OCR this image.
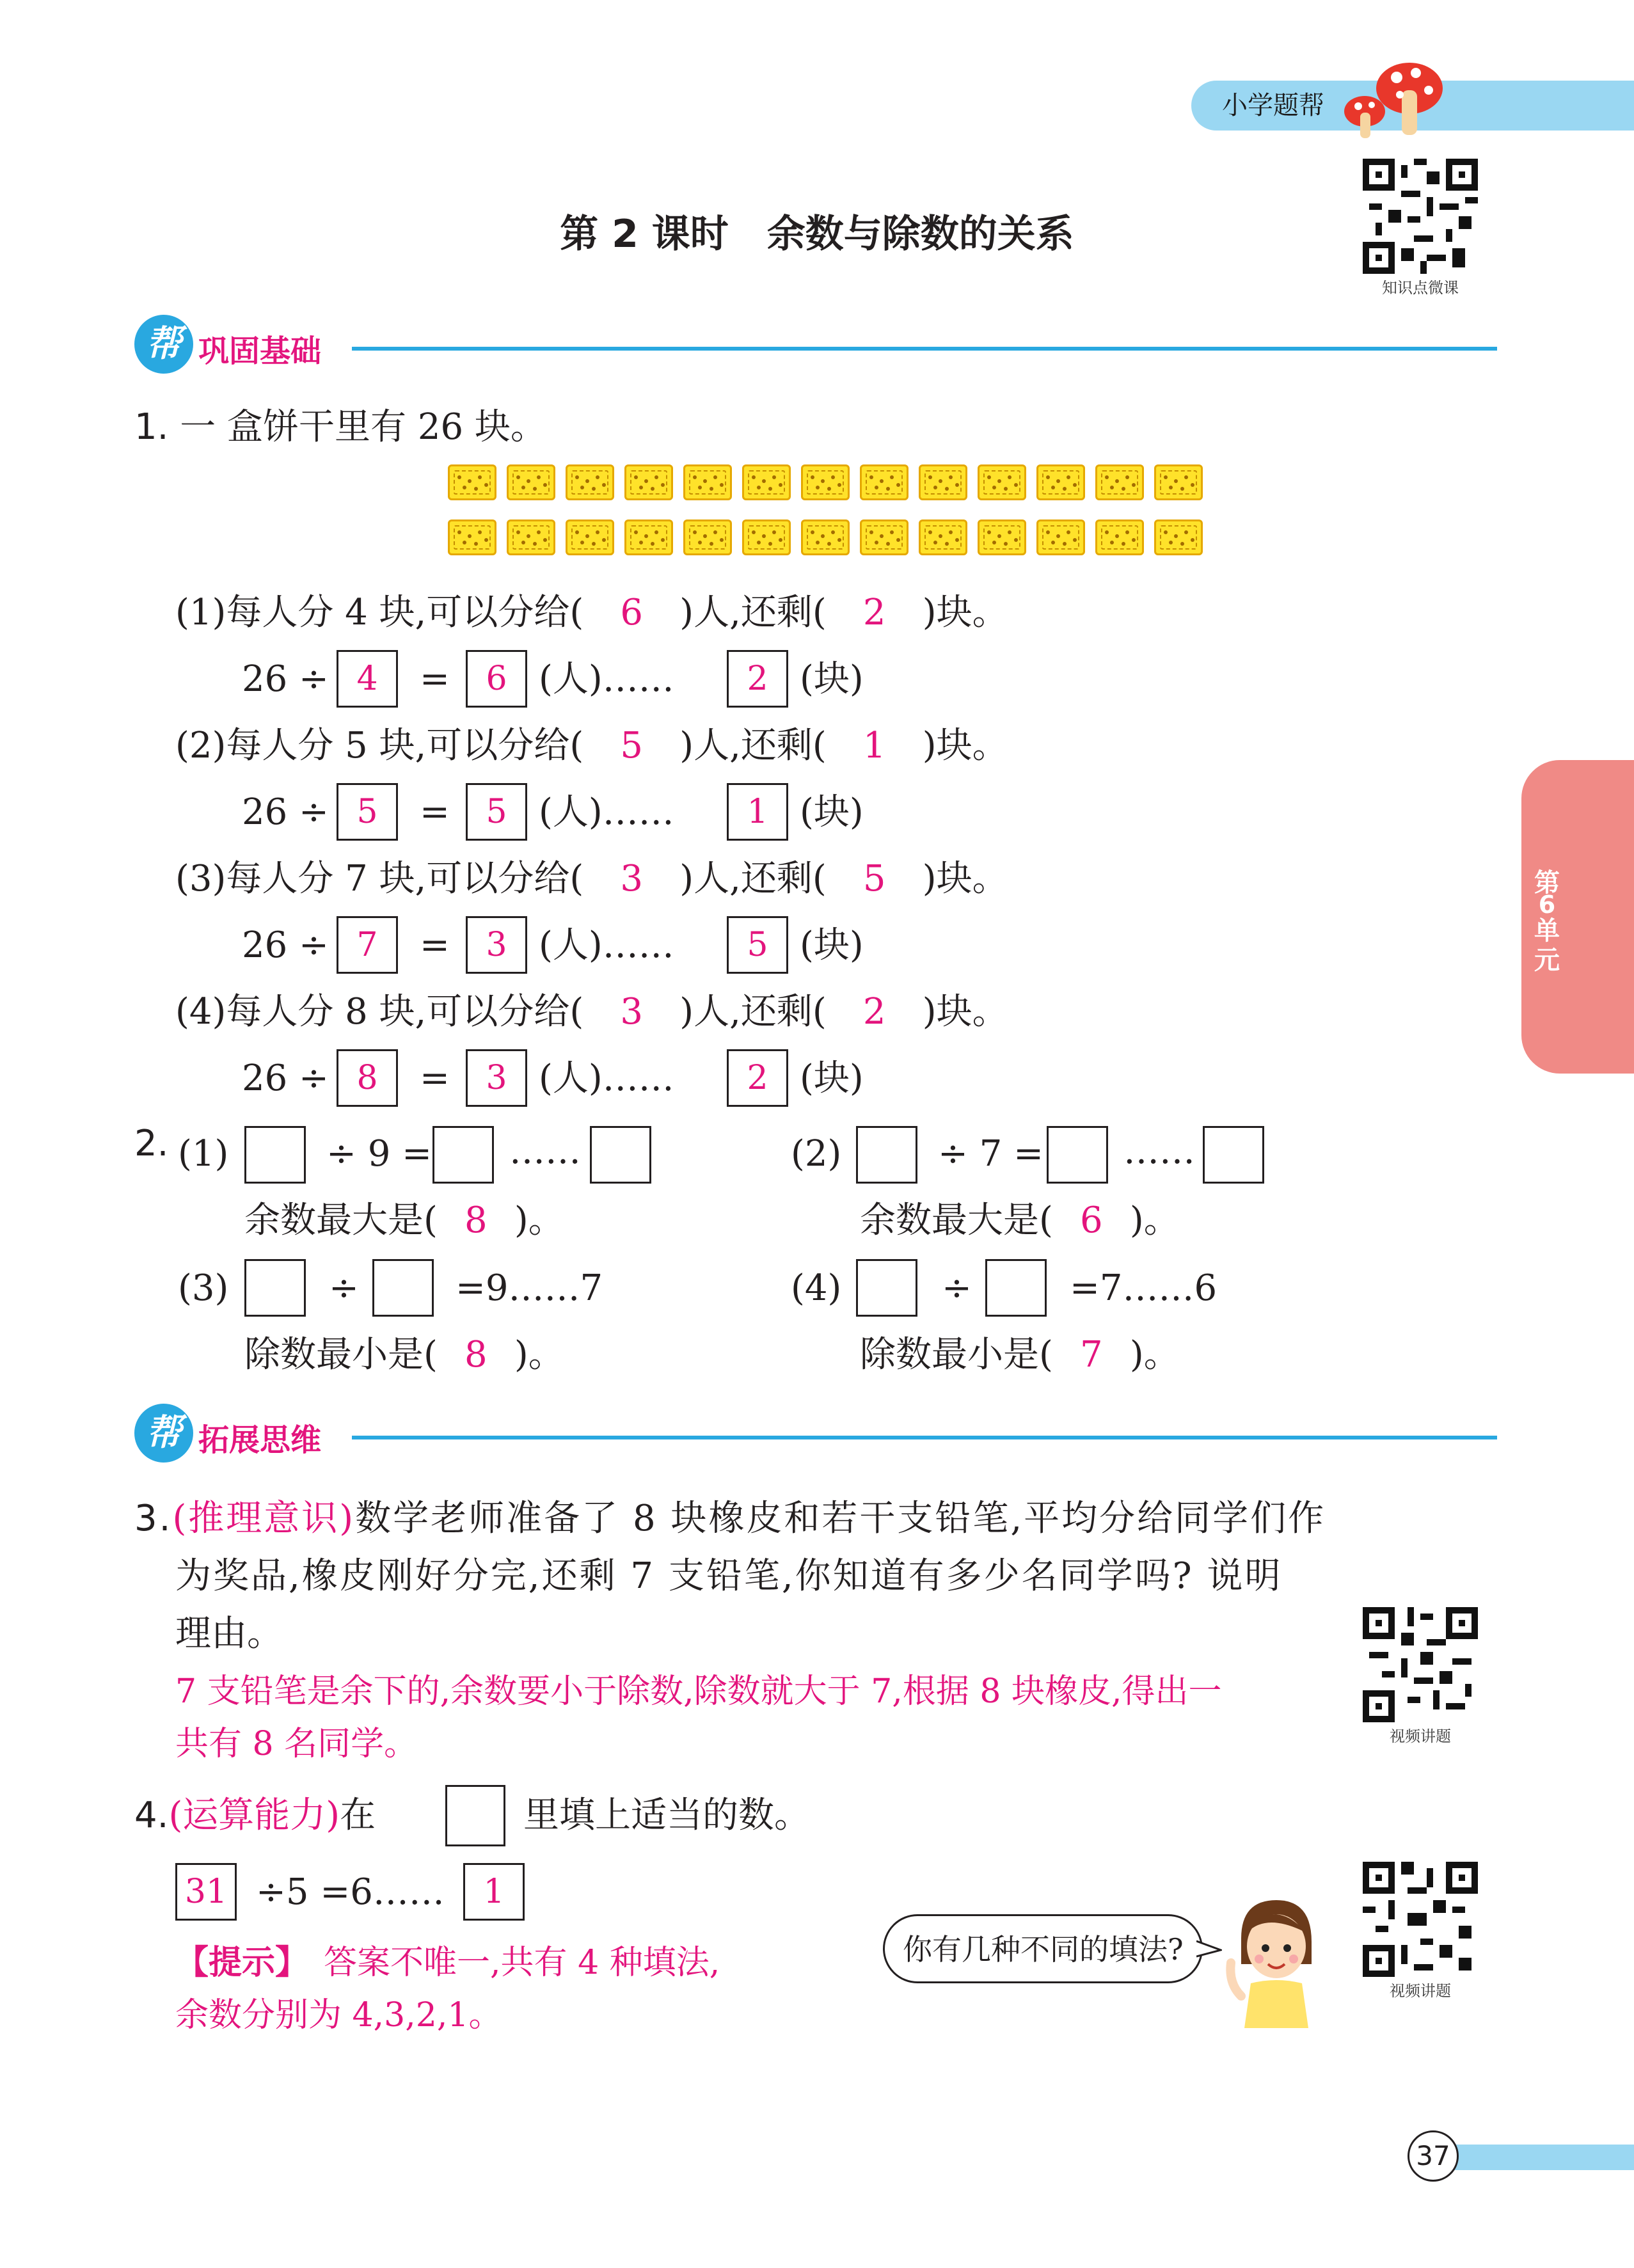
小学题帮
知识点微课
第 2 课时　余数与除数的关系
第
6
单元
帮 巩固基础
1. 一 盒饼干里有 26 块。
(1)每人分 4 块,可以分给( 6 )人,还剩( 2 )块。
26 ÷ 4	=	6 (人)……	2 (块)
(2)每人分 5 块,可以分给( 5 )人,还剩( 1 )块。
26 ÷ 5	=	5 (人)……	1 (块)
(3)每人分 7 块,可以分给( 3 )人,还剩( 5 )块。
26 ÷ 7	=	3 (人)……	5 (块)
(4)每人分 8 块,可以分给( 3 )人,还剩( 2 )块。
26 ÷ 8	=	3 (人)……	2 (块)
2. (1)	÷ 9 = ……
余数最大是( 8 )。
(2)	÷ 7 = ……
余数最大是( 6 )。
(3)	÷	=9……7
除数最小是( 8 )。
(4)	÷	=7……6
除数最小是( 7 )。
帮 拓展思维
3.(推理意识)数学老师准备了 8 块橡皮和若干支铅笔,平均分给同学们作
为奖品,橡皮刚好分完,还剩 7 支铅笔,你知道有多少名同学吗? 说明
理由。
7 支铅笔是余下的,余数要小于除数,除数就大于 7,根据 8 块橡皮,得出一
共有 8 名同学。	视频讲题
4.(运算能力)在	里填上适当的数。
31 ÷5 =6……	1
【提示】 答案不唯一,共有 4 种填法,
余数分别为 4,3,2,1。
你有几种不同的填法?
视频讲题
37
